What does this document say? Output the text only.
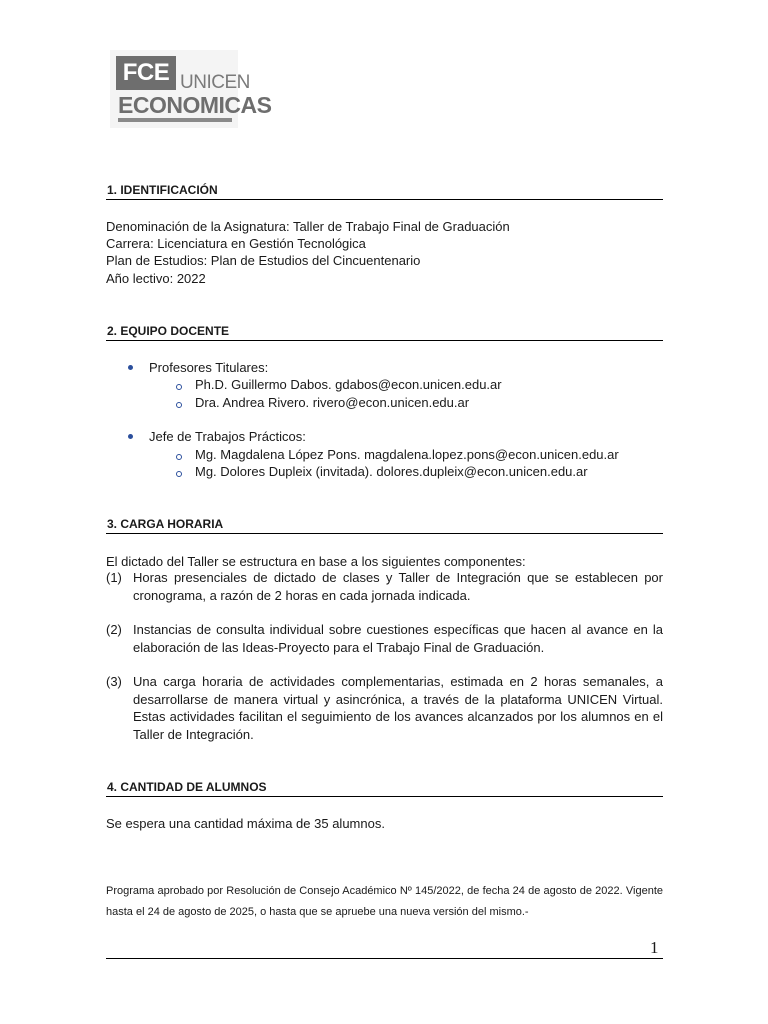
FCE UNICEN
ECONOMICAS
1. IDENTIFICACIÓN
Denominación de la Asignatura: Taller de Trabajo Final de Graduación
Carrera: Licenciatura en Gestión Tecnológica
Plan de Estudios: Plan de Estudios del Cincuentenario
Año lectivo: 2022
2. EQUIPO DOCENTE
Profesores Titulares:
Ph.D. Guillermo Dabos. gdabos@econ.unicen.edu.ar
Dra. Andrea Rivero. rivero@econ.unicen.edu.ar
Jefe de Trabajos Prácticos:
Mg. Magdalena López Pons. magdalena.lopez.pons@econ.unicen.edu.ar
Mg. Dolores Dupleix (invitada). dolores.dupleix@econ.unicen.edu.ar
3. CARGA HORARIA
El dictado del Taller se estructura en base a los siguientes componentes:
(1) Horas presenciales de dictado de clases y Taller de Integración que se establecen por cronograma, a razón de 2 horas en cada jornada indicada.
(2) Instancias de consulta individual sobre cuestiones específicas que hacen al avance en la elaboración de las Ideas-Proyecto para el Trabajo Final de Graduación.
(3) Una carga horaria de actividades complementarias, estimada en 2 horas semanales, a desarrollarse de manera virtual y asincrónica, a través de la plataforma UNICEN Virtual. Estas actividades facilitan el seguimiento de los avances alcanzados por los alumnos en el Taller de Integración.
4. CANTIDAD DE ALUMNOS
Se espera una cantidad máxima de 35 alumnos.
Programa aprobado por Resolución de Consejo Académico Nº 145/2022, de fecha 24 de agosto de 2022. Vigente hasta el 24 de agosto de 2025, o hasta que se apruebe una nueva versión del mismo.-
1
